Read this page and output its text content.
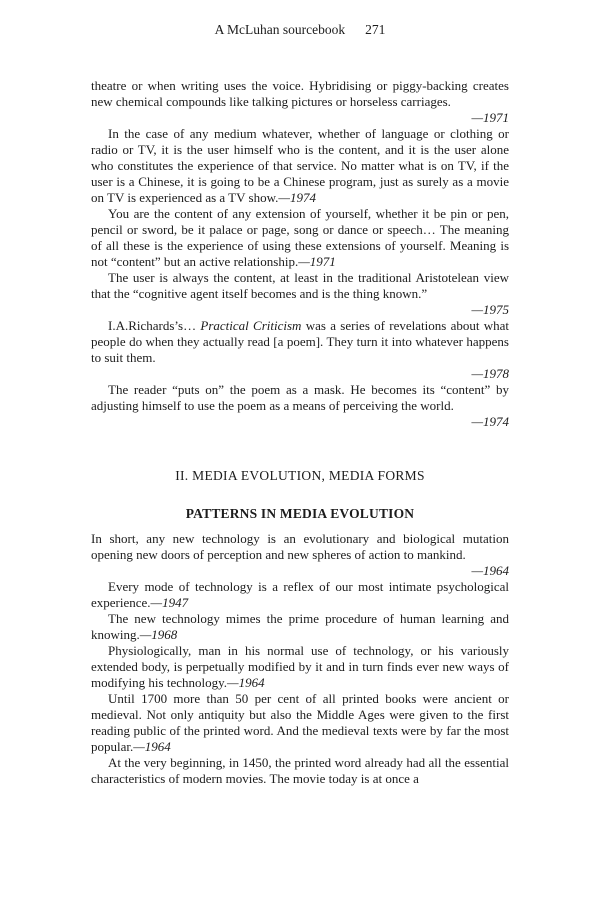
A McLuhan sourcebook 271

theatre or when writing uses the voice. Hybridising or piggy-backing creates new chemical compounds like talking pictures or horseless carriages.

—1971

In the case of any medium whatever, whether of language or clothing or radio or TV, it is the user himself who is the content, and it is the user alone who constitutes the experience of that service. No matter what is on TV, if the user is a Chinese, it is going to be a Chinese program, just as surely as a movie on TV is experienced as a TV show.—1974

You are the content of any extension of yourself, whether it be pin or pen, pencil or sword, be it palace or page, song or dance or speech… The meaning of all these is the experience of using these extensions of yourself. Meaning is not “content” but an active relationship.—1971

The user is always the content, at least in the traditional Aristotelean view that the “cognitive agent itself becomes and is the thing known.”

—1975

I.A.Richards’s… Practical Criticism was a series of revelations about what people do when they actually read [a poem]. They turn it into whatever happens to suit them.

—1978

The reader “puts on” the poem as a mask. He becomes its “content” by adjusting himself to use the poem as a means of perceiving the world.

—1974

II. MEDIA EVOLUTION, MEDIA FORMS
PATTERNS IN MEDIA EVOLUTION

In short, any new technology is an evolutionary and biological mutation opening new doors of perception and new spheres of action to mankind.

—1964

Every mode of technology is a reflex of our most intimate psychological experience.—1947

The new technology mimes the prime procedure of human learning and knowing.—1968

Physiologically, man in his normal use of technology, or his variously extended body, is perpetually modified by it and in turn finds ever new ways of modifying his technology.—1964

Until 1700 more than 50 per cent of all printed books were ancient or medieval. Not only antiquity but also the Middle Ages were given to the first reading public of the printed word. And the medieval texts were by far the most popular.—1964

At the very beginning, in 1450, the printed word already had all the essential characteristics of modern movies. The movie today is at once a
